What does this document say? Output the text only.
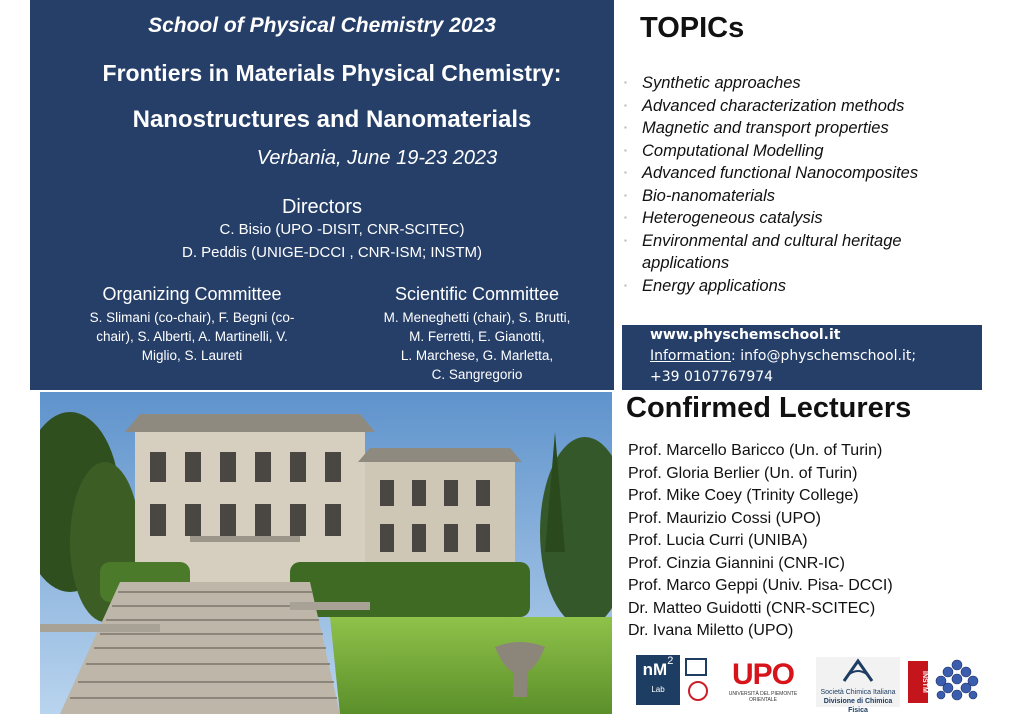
School of Physical Chemistry 2023
Frontiers in Materials Physical Chemistry:
Nanostructures and Nanomaterials
Verbania, June 19-23 2023
Directors
C. Bisio (UPO -DISIT, CNR-SCITEC)
D. Peddis (UNIGE-DCCI , CNR-ISM; INSTM)
Organizing Committee
S. Slimani (co-chair), F. Begni (co-
chair), S. Alberti, A. Martinelli, V.
Miglio, S. Laureti
Scientific Committee
M. Meneghetti (chair), S. Brutti,
M. Ferretti, E. Gianotti,
L. Marchese, G. Marletta,
C. Sangregorio
TOPICs
▪ Synthetic approaches
▪ Advanced characterization methods
▪ Magnetic and transport properties
▪ Computational Modelling
▪ Advanced functional Nanocomposites
▪ Bio-nanomaterials
▪ Heterogeneous catalysis
▪ Environmental and cultural heritage
applications
▪ Energy applications
www.physchemschool.it
Information: info@physchemschool.it;
+39 0107767974
Confirmed Lecturers
Prof. Marcello Baricco (Un. of Turin)
Prof. Gloria Berlier (Un. of Turin)
Prof. Mike Coey (Trinity College)
Prof. Maurizio Cossi (UPO)
Prof. Lucia Curri (UNIBA)
Prof. Cinzia Giannini (CNR-IC)
Prof. Marco Geppi (Univ. Pisa- DCCI)
Dr. Matteo Guidotti (CNR-SCITEC)
Dr. Ivana Miletto (UPO)
$nM^2$
Lab	UPO
UNIVERSITÀ DEL PIEMONTE ORIENTALE
Società Chimica Italiana
Divisione di Chimica Fisica
INSTM
